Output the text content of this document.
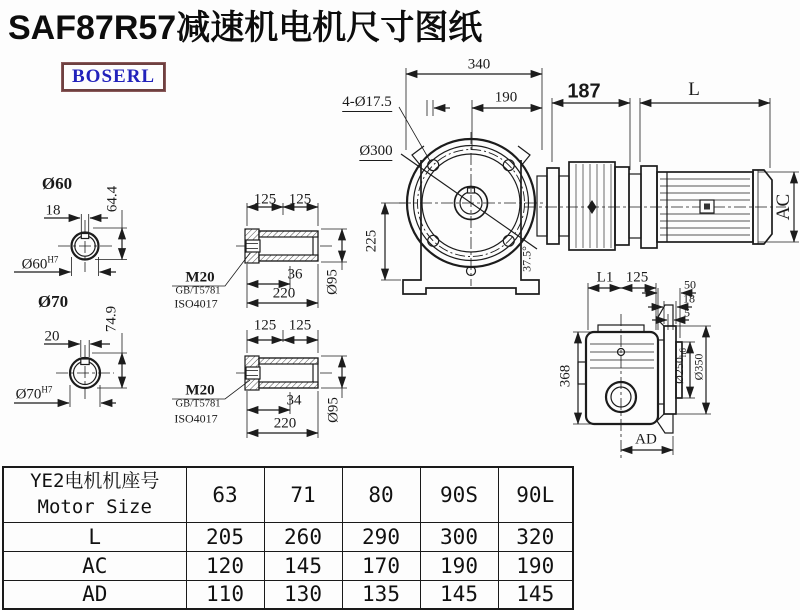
SAF87R57减速机电机尺寸图纸
BOSERL
340
190	187	L
4-Ø17.5
Ø300
225
37.5°
AC
Ø60
18	64.4
$Ø60^{H7}$
Ø70
20
74.9
$Ø70^{H7}$
125 125
M20
GB/T5781
ISO4017
36
220 Ø95
125 125
M20
GB/T5781
ISO4017
34
220
Ø95
L1 125	50
18
5
368	$Ø250_{h6}$
Ø350
AD
YE2电机机座号
Motor Size	63	71	80	90S	90L
L	205	260	290	300	320
AC	120	145	170	190	190
AD	110	130	135	145	145
